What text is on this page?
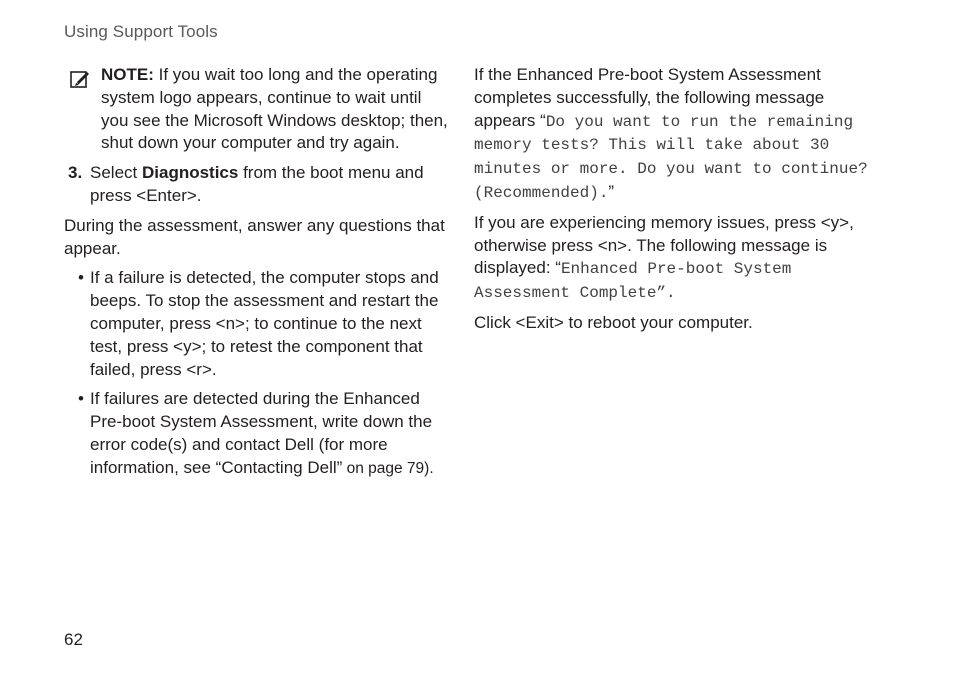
Using Support Tools
NOTE: If you wait too long and the operating system logo appears, continue to wait until you see the Microsoft Windows desktop; then, shut down your computer and try again.
3. Select Diagnostics from the boot menu and press <Enter>.

During the assessment, answer any questions that appear.

• If a failure is detected, the computer stops and beeps. To stop the assessment and restart the computer, press <n>; to continue to the next test, press <y>; to retest the component that failed, press <r>.
• If failures are detected during the Enhanced Pre-boot System Assessment, write down the error code(s) and contact Dell (for more information, see “Contacting Dell” on page 79).

If the Enhanced Pre-boot System Assessment completes successfully, the following message appears “Do you want to run the remaining memory tests? This will take about 30 minutes or more. Do you want to continue? (Recommended).”

If you are experiencing memory issues, press <y>, otherwise press <n>. The following message is displayed: “Enhanced Pre-boot System Assessment Complete”.

Click <Exit> to reboot your computer.

62
